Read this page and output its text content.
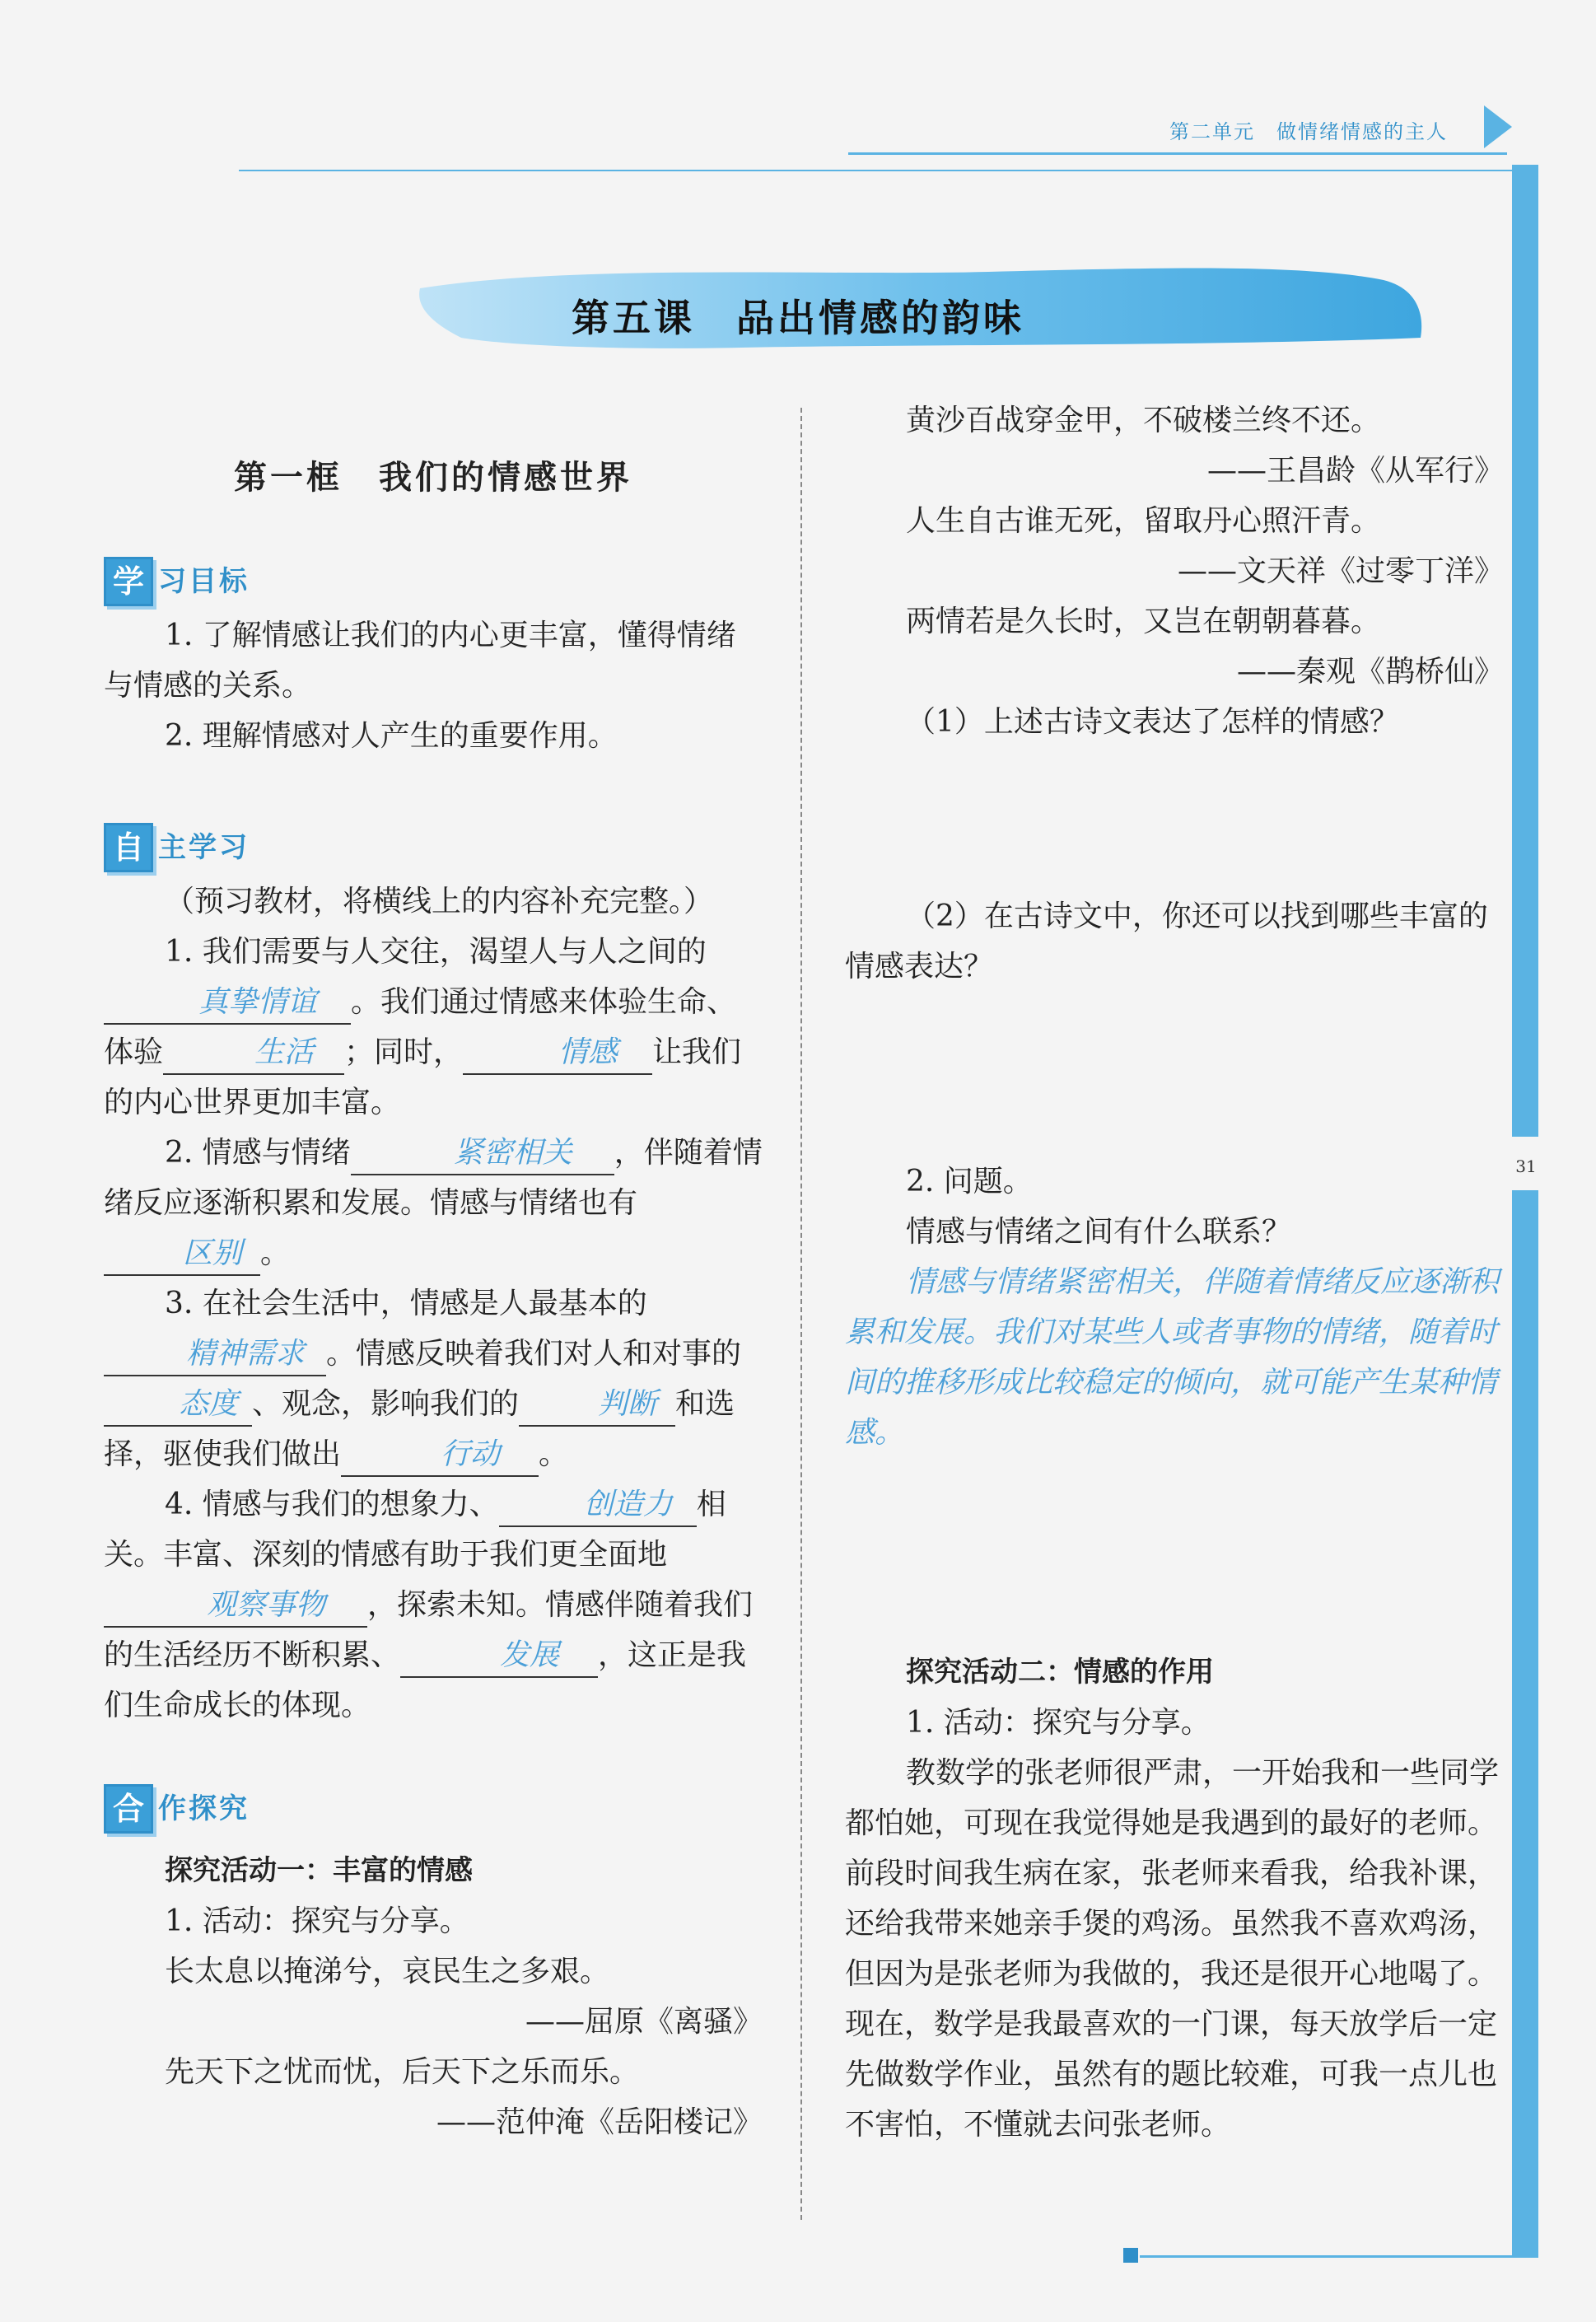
第二单元　做情绪情感的主人
31
第五课　品出情感的韵味

第一框　我们的情感世界

学 习目标

1. 了解情感让我们的内心更丰富，懂得情绪与情感的关系。

2. 理解情感对人产生的重要作用。

自 主学习

（预习教材，将横线上的内容补充完整。）

1. 我们需要与人交往，渴望人与人之间的真挚情谊 。我们通过情感来体验生命、体验	生活 ；同时，	情感 让我们的内心世界更加丰富。

2. 情感与情绪	紧密相关 ，伴随着情绪反应逐渐积累和发展。情感与情绪也有区别 。

3. 在社会生活中，情感是人最基本的精神需求 。情感反映着我们对人和对事的态度 、观念，影响我们的	判断 和选择，驱使我们做出	行动 。

4. 情感与我们的想象力、	创造力 相关。丰富、深刻的情感有助于我们更全面地观察事物 ，探索未知。情感伴随着我们的生活经历不断积累、	发展 ，这正是我们生命成长的体现。

合 作探究

探究活动一：丰富的情感

1. 活动：探究与分享。

长太息以掩涕兮，哀民生之多艰。

——屈原《离骚》

先天下之忧而忧，后天下之乐而乐。

——范仲淹《岳阳楼记》

黄沙百战穿金甲，不破楼兰终不还。

——王昌龄《从军行》

人生自古谁无死，留取丹心照汗青。

——文天祥《过零丁洋》

两情若是久长时，又岂在朝朝暮暮。

——秦观《鹊桥仙》

（1）上述古诗文表达了怎样的情感？

（2）在古诗文中，你还可以找到哪些丰富的情感表达？

2. 问题。

情感与情绪之间有什么联系？

情感与情绪紧密相关，伴随着情绪反应逐渐积累和发展。我们对某些人或者事物的情绪，随着时间的推移形成比较稳定的倾向，就可能产生某种情感。

探究活动二：情感的作用

1. 活动：探究与分享。

教数学的张老师很严肃，一开始我和一些同学都怕她，可现在我觉得她是我遇到的最好的老师。前段时间我生病在家，张老师来看我，给我补课，还给我带来她亲手煲的鸡汤。虽然我不喜欢鸡汤，但因为是张老师为我做的，我还是很开心地喝了。现在，数学是我最喜欢的一门课，每天放学后一定先做数学作业，虽然有的题比较难，可我一点儿也不害怕，不懂就去问张老师。
